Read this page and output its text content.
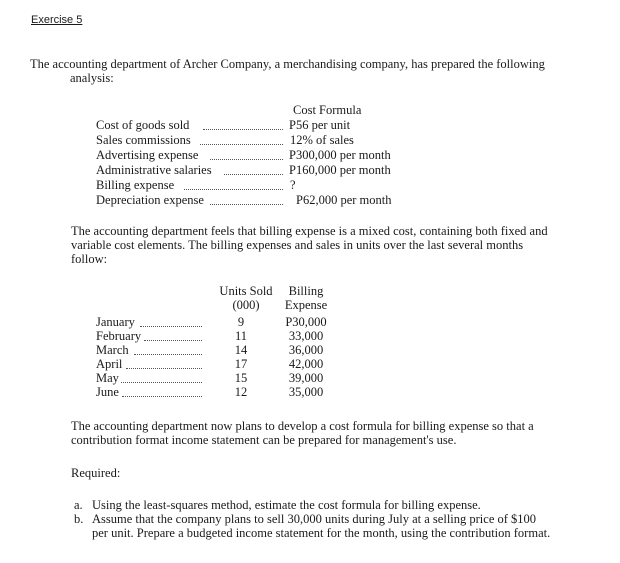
Exercise 5
The accounting department of Archer Company, a merchandising company, has prepared the following
analysis:
Cost Formula
Cost of goods sold	P56 per unit
Sales commissions	12% of sales
Advertising expense	P300,000 per month
Administrative salaries	P160,000 per month
Billing expense	?
Depreciation expense	P62,000 per month
The accounting department feels that billing expense is a mixed cost, containing both fixed and
variable cost elements. The billing expenses and sales in units over the last several months
follow:
Units Sold
(000)
Billing
Expense
January	9	P30,000
February	11	33,000
March	14	36,000
April	17	42,000
May	15	39,000
June	12	35,000
The accounting department now plans to develop a cost formula for billing expense so that a
contribution format income statement can be prepared for management's use.
Required:
a. Using the least-squares method, estimate the cost formula for billing expense.
b. Assume that the company plans to sell 30,000 units during July at a selling price of $100
per unit. Prepare a budgeted income statement for the month, using the contribution format.
